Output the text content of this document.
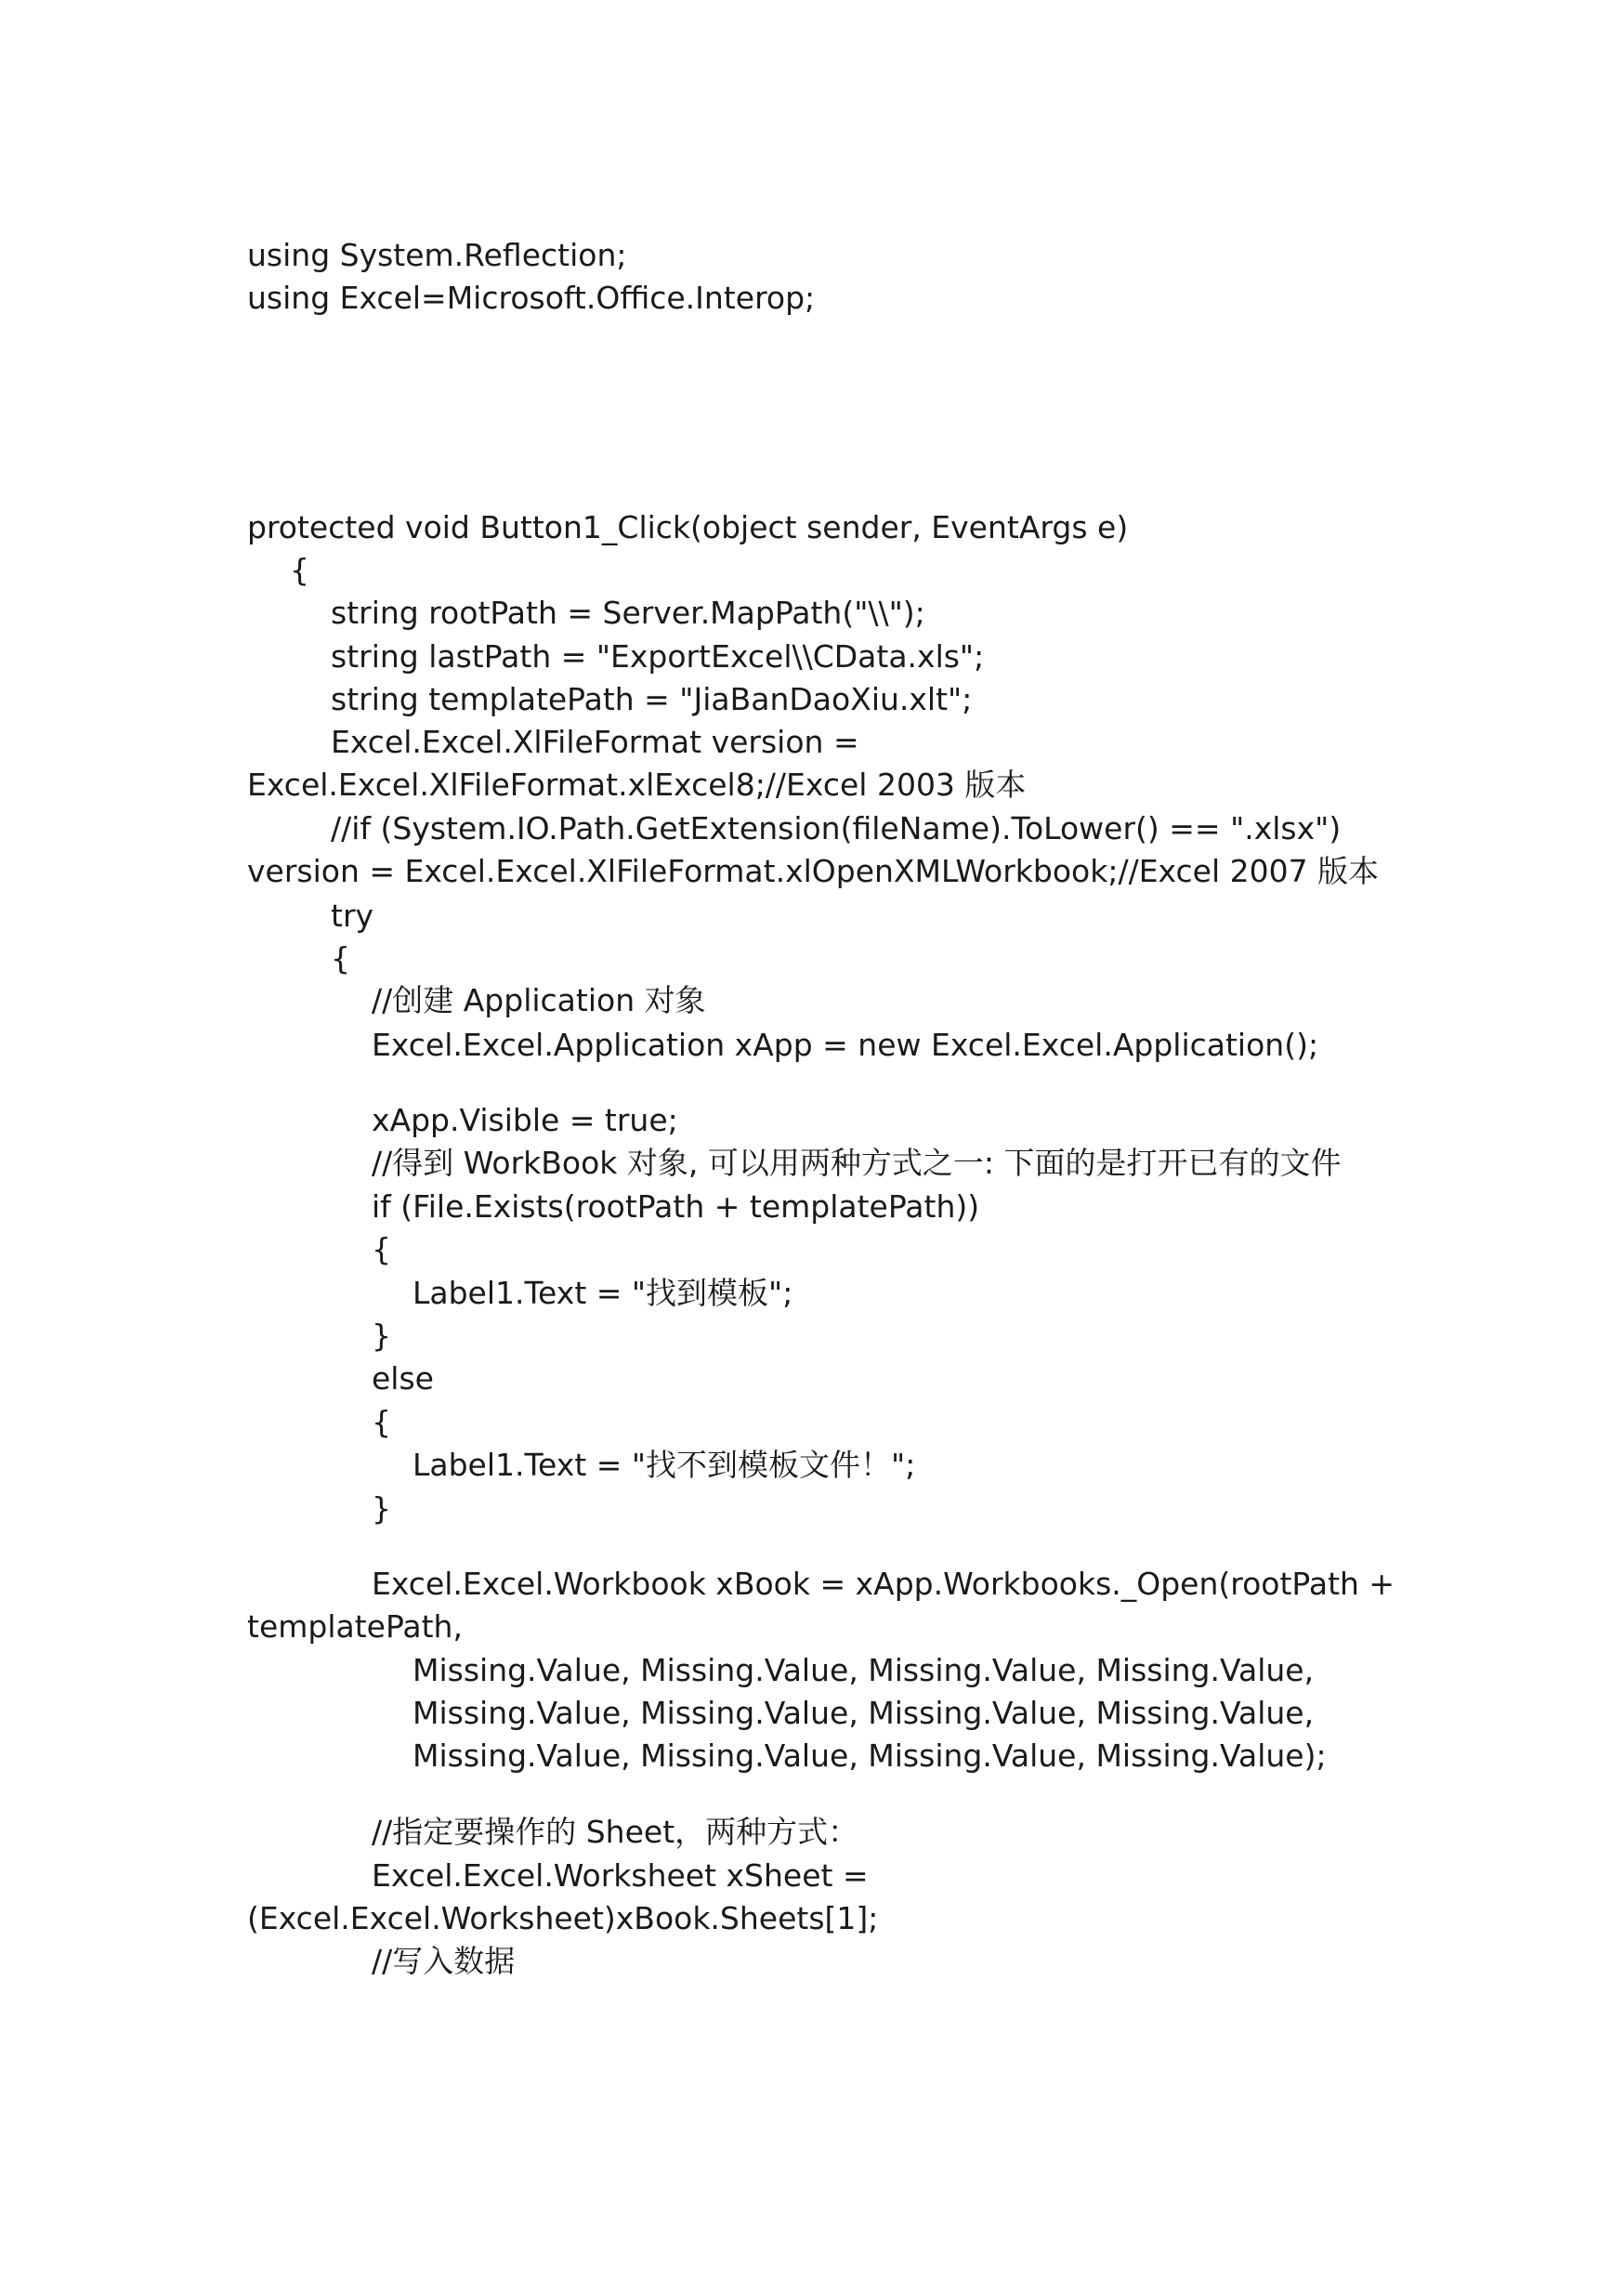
using System.Reflection;
using Excel=Microsoft.Office.Interop;
protected void Button1_Click(object sender, EventArgs e)
{
string rootPath = Server.MapPath("\\");
string lastPath = "ExportExcel\\CData.xls";
string templatePath = "JiaBanDaoXiu.xlt";
Excel.Excel.XlFileFormat version =
Excel.Excel.XlFileFormat.xlExcel8;//Excel 2003 版本
//if (System.IO.Path.GetExtension(fileName).ToLower() == ".xlsx")
version = Excel.Excel.XlFileFormat.xlOpenXMLWorkbook;//Excel 2007 版本
try
{
//创建 Application 对象
Excel.Excel.Application xApp = new Excel.Excel.Application();
xApp.Visible = true;
//得到 WorkBook 对象, 可以用两种方式之一: 下面的是打开已有的文件
if (File.Exists(rootPath + templatePath))
{
Label1.Text = "找到模板";
}
else
{
Label1.Text = "找不到模板文件！";
}
Excel.Excel.Workbook xBook = xApp.Workbooks._Open(rootPath +
templatePath,
Missing.Value, Missing.Value, Missing.Value, Missing.Value,
Missing.Value, Missing.Value, Missing.Value, Missing.Value,
Missing.Value, Missing.Value, Missing.Value, Missing.Value);
//指定要操作的 Sheet，两种方式：
Excel.Excel.Worksheet xSheet =
(Excel.Excel.Worksheet)xBook.Sheets[1];
//写入数据
